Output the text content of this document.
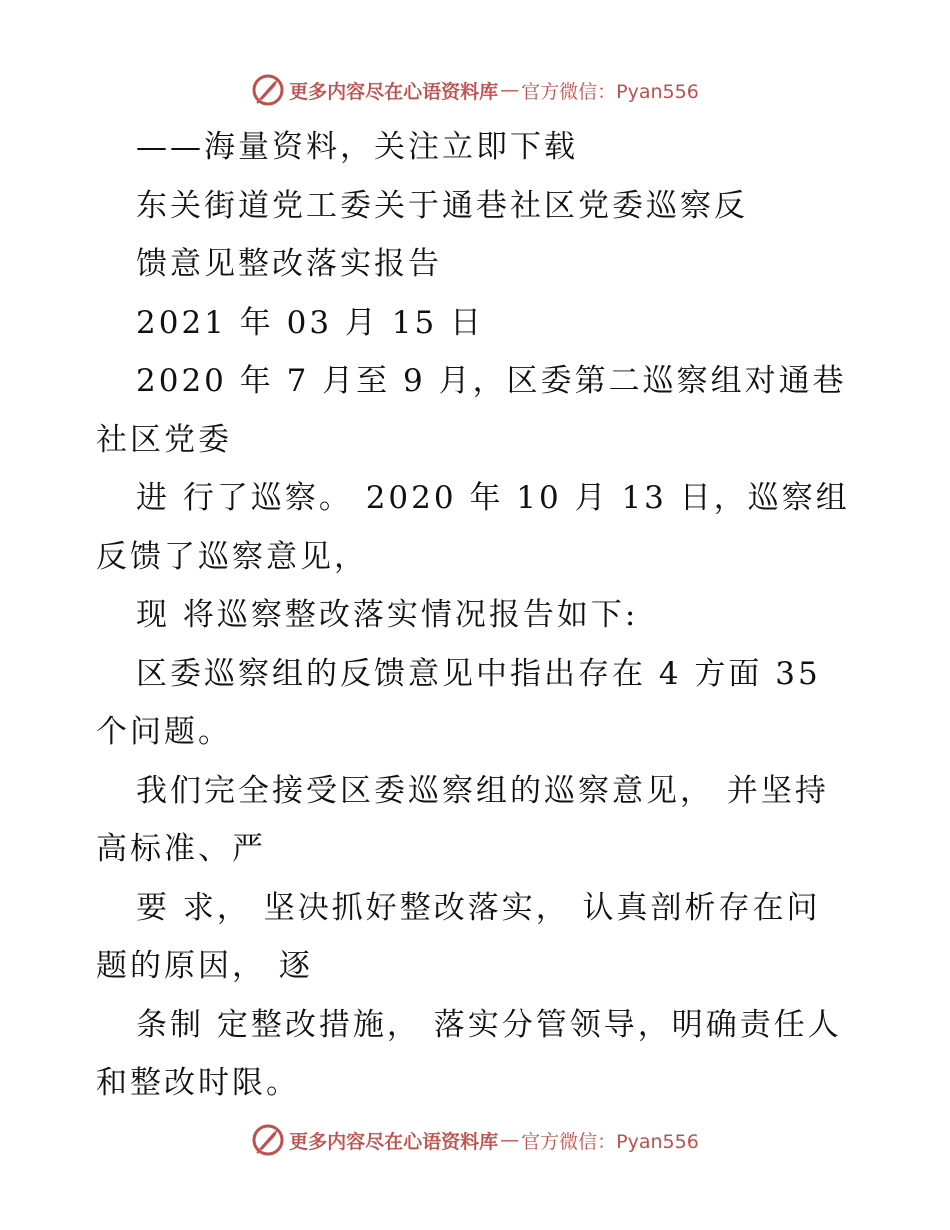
更多内容尽在心语资料库 — 官方微信：Pyan556
——海量资料，关注立即下载
东关街道党工委关于通巷社区党委巡察反
馈意见整改落实报告
2021 年 03 月 15 日
2020 年 7 月至 9 月，区委第二巡察组对通巷
社区党委
进 行了巡察。 2020 年 10 月 13 日，巡察组
反馈了巡察意见，
现 将巡察整改落实情况报告如下:
区委巡察组的反馈意见中指出存在 4 方面 35
个问题。
我们完全接受区委巡察组的巡察意见， 并坚持
高标准、严
要 求， 坚决抓好整改落实， 认真剖析存在问
题的原因， 逐
条制 定整改措施， 落实分管领导，明确责任人
和整改时限。
更多内容尽在心语资料库 — 官方微信：Pyan556
